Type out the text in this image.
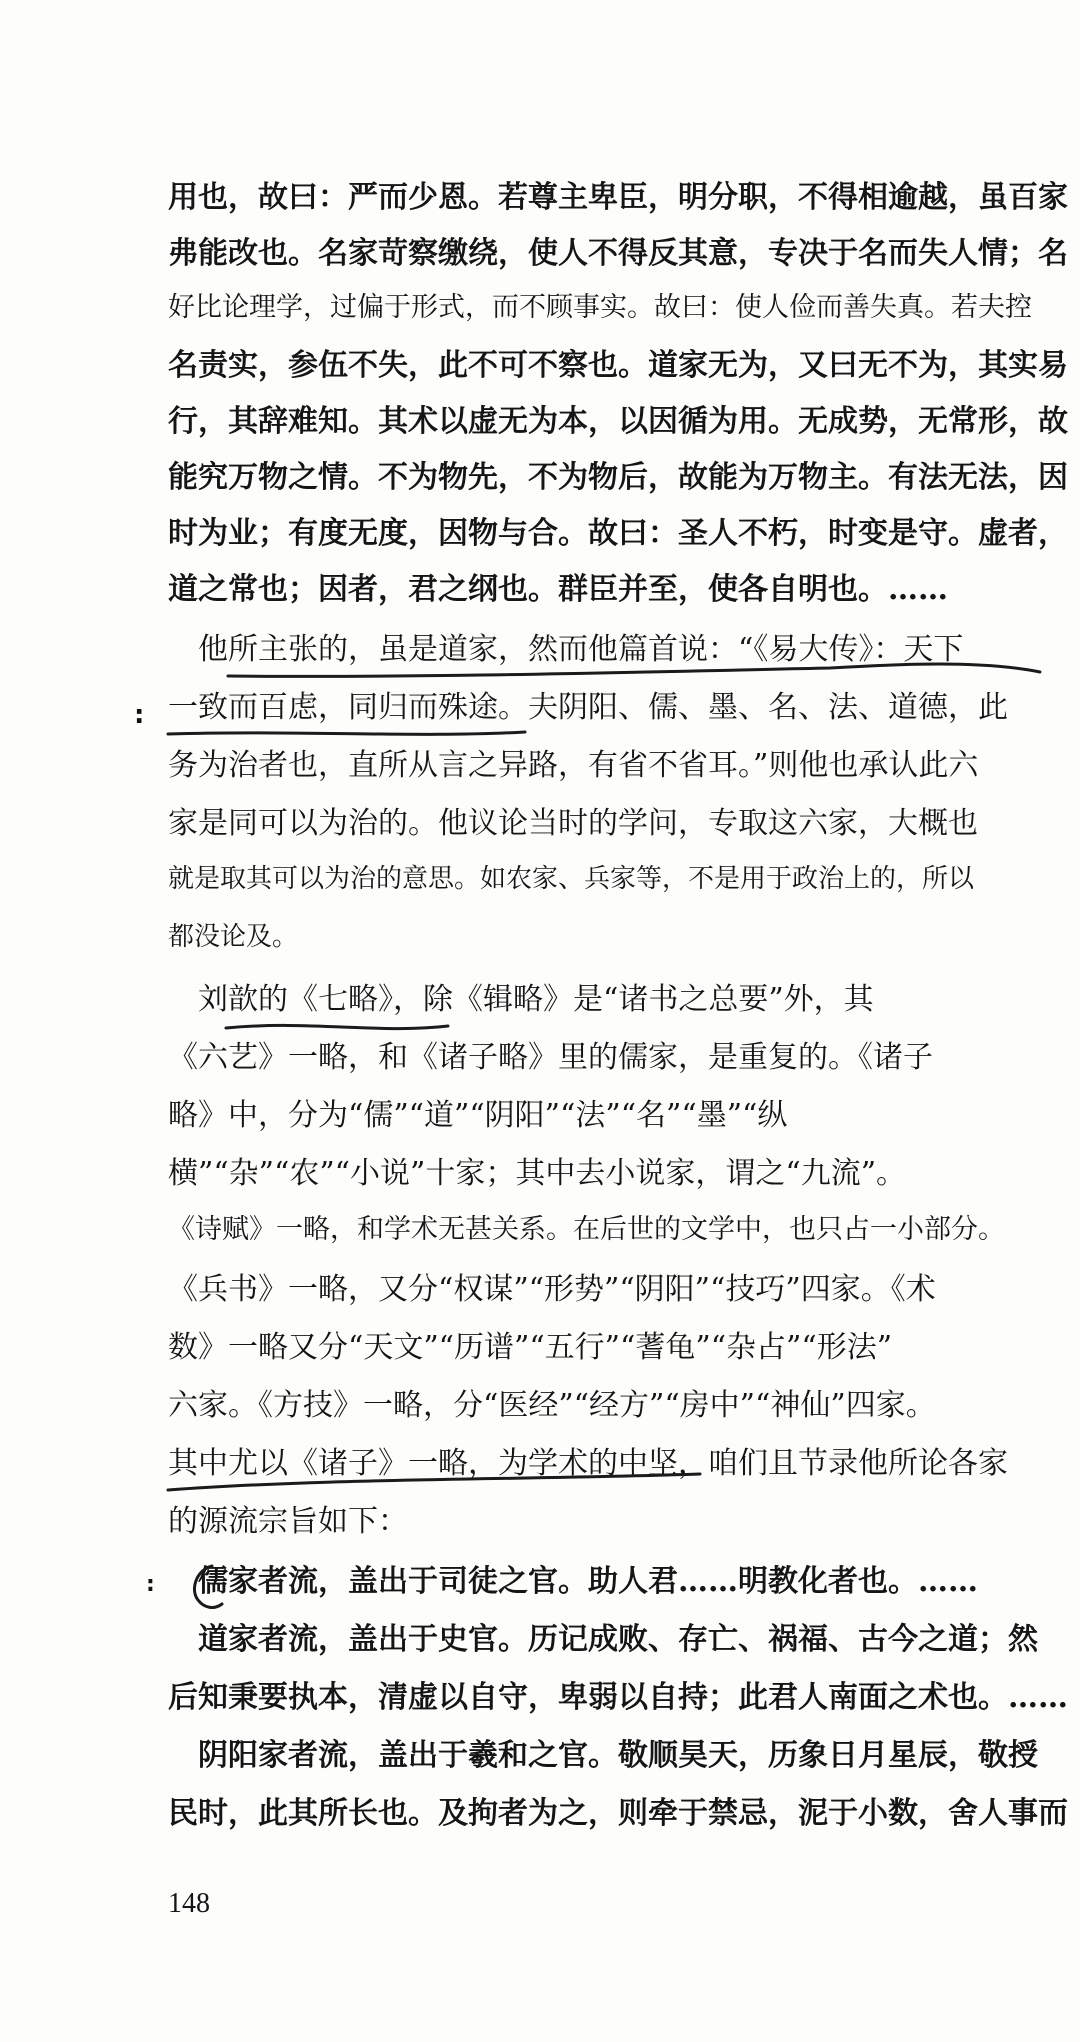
用也，故曰：严而少恩。若尊主卑臣，明分职，不得相逾越，虽百家
弗能改也。名家苛察缴绕，使人不得反其意，专决于名而失人情；名
好比论理学，过偏于形式，而不顾事实。故曰：使人俭而善失真。若夫控
名责实，参伍不失，此不可不察也。道家无为，又曰无不为，其实易
行，其辞难知。其术以虚无为本，以因循为用。无成势，无常形，故
能究万物之情。不为物先，不为物后，故能为万物主。有法无法，因
时为业；有度无度，因物与合。故曰：圣人不朽，时变是守。虚者，
道之常也；因者，君之纲也。群臣并至，使各自明也。……
　他所主张的，虽是道家，然而他篇首说：“《易大传》：天下
一致而百虑，同归而殊途。夫阴阳、儒、墨、名、法、道德，此
务为治者也，直所从言之异路，有省不省耳。”则他也承认此六
家是同可以为治的。他议论当时的学问，专取这六家，大概也
就是取其可以为治的意思。如农家、兵家等，不是用于政治上的，所以
都没论及。
　刘歆的《七略》，除《辑略》是“诸书之总要”外，其
《六艺》一略，和《诸子略》里的儒家，是重复的。《诸子
略》中，分为“儒”“道”“阴阳”“法”“名”“墨”“纵
横”“杂”“农”“小说”十家；其中去小说家，谓之“九流”。
《诗赋》一略，和学术无甚关系。在后世的文学中，也只占一小部分。
《兵书》一略，又分“权谋”“形势”“阴阳”“技巧”四家。《术
数》一略又分“天文”“历谱”“五行”“蓍龟”“杂占”“形法”
六家。《方技》一略，分“医经”“经方”“房中”“神仙”四家。
其中尤以《诸子》一略，为学术的中坚，咱们且节录他所论各家
的源流宗旨如下：
　儒家者流，盖出于司徒之官。助人君……明教化者也。……
　道家者流，盖出于史官。历记成败、存亡、祸福、古今之道；然
后知秉要执本，清虚以自守，卑弱以自持；此君人南面之术也。……
　阴阳家者流，盖出于羲和之官。敬顺昊天，历象日月星辰，敬授
民时，此其所长也。及拘者为之，则牵于禁忌，泥于小数，舍人事而
:
:
148
